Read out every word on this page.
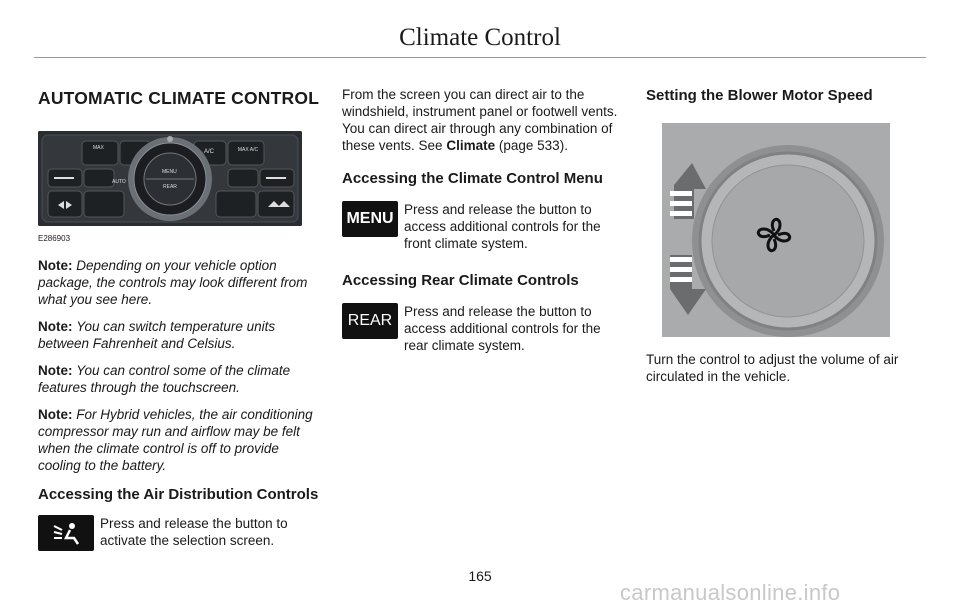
Climate Control
AUTOMATIC CLIMATE CONTROL
MAX
AUTO
MENU
REAR
A/C	MAX A/C
E286903

Note: Depending on your vehicle option package, the controls may look different from what you see here.

Note: You can switch temperature units between Fahrenheit and Celsius.

Note: You can control some of the climate features through the touchscreen.

Note: For Hybrid vehicles, the air conditioning compressor may run and airflow may be felt when the climate control is off to provide cooling to the battery.

Accessing the Air Distribution Controls

Press and release the button to activate the selection screen.

From the screen you can direct air to the windshield, instrument panel or footwell vents. You can direct air through any combination of these vents. See Climate (page 533).

Accessing the Climate Control Menu
MENU

Press and release the button to access additional controls for the front climate system.

Accessing Rear Climate Controls
REAR

Press and release the button to access additional controls for the rear climate system.

Setting the Blower Motor Speed

Turn the control to adjust the volume of air circulated in the vehicle.

165
carmanualsonline.info
